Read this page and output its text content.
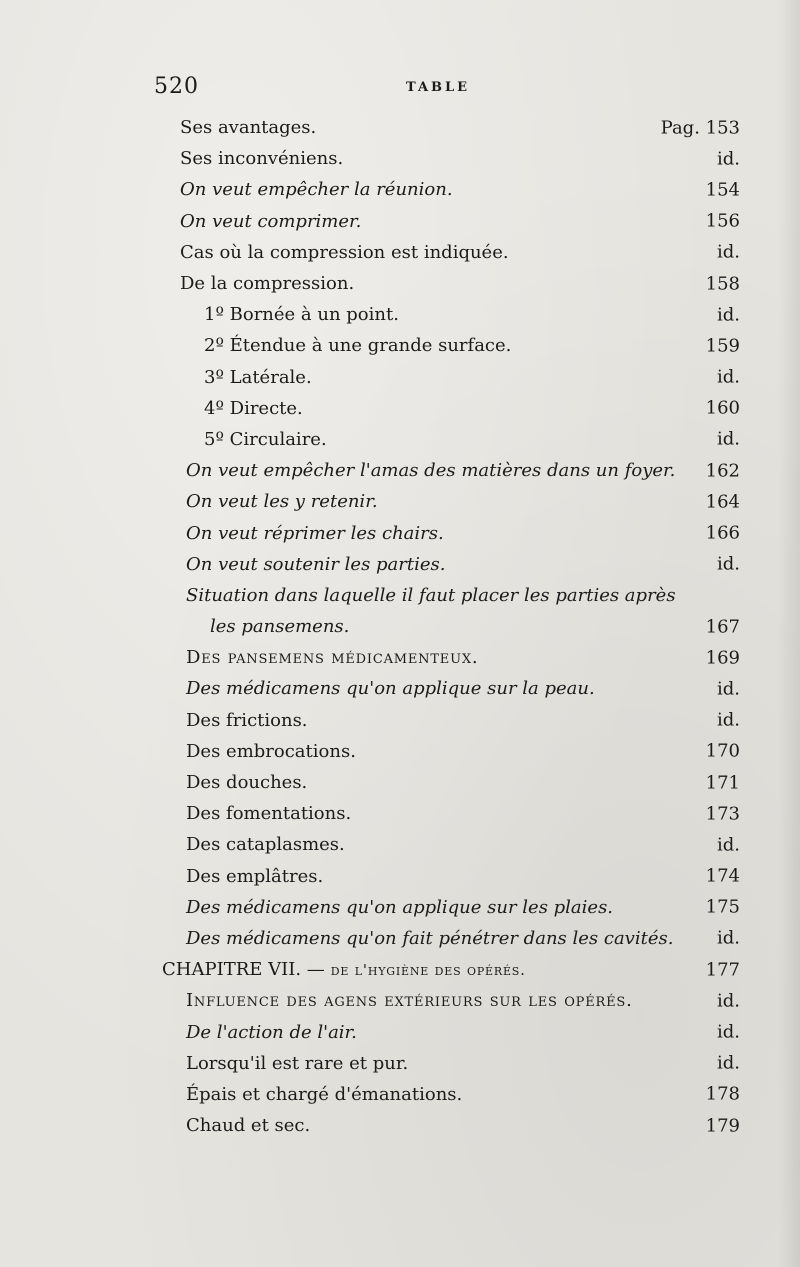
520	TABLE
Ses avantages.	Pag. 153
Ses inconvéniens.	id.
On veut empêcher la réunion.	154
On veut comprimer.	156
Cas où la compression est indiquée.	id.
De la compression.	158
1º Bornée à un point.	id.
2º Étendue à une grande surface.	159
3º Latérale.	id.
4º Directe.	160
5º Circulaire.	id.
On veut empêcher l'amas des matières dans un foyer. 162
On veut les y retenir.	164
On veut réprimer les chairs.	166
On veut soutenir les parties.	id.
Situation dans laquelle il faut placer les parties après
les pansemens.	167
Des pansemens médicamenteux.	169
Des médicamens qu'on applique sur la peau.	id.
Des frictions.	id.
Des embrocations.	170
Des douches.	171
Des fomentations.	173
Des cataplasmes.	id.
Des emplâtres.	174
Des médicamens qu'on applique sur les plaies.	175
Des médicamens qu'on fait pénétrer dans les cavités. id.
CHAPITRE VII. — de l'hygiène des opérés.	177
Influence des agens extérieurs sur les opérés.	id.
De l'action de l'air.	id.
Lorsqu'il est rare et pur.	id.
Épais et chargé d'émanations.	178
Chaud et sec.	179
